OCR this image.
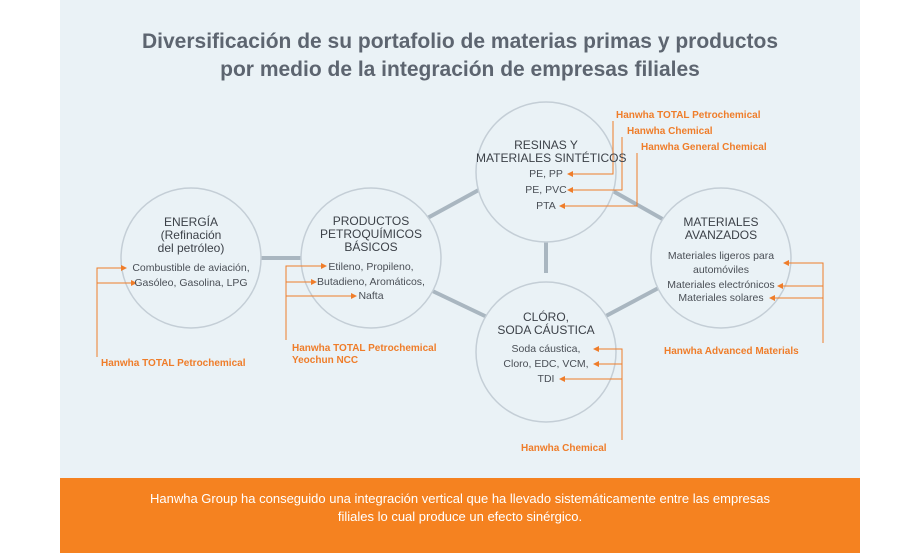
Diversificación de su portafolio de materias primas y productos
por medio de la integración de empresas filiales
ENERGÍA
(Refinación
del petróleo)
Combustible de aviación,
Gasóleo, Gasolina, LPG
PRODUCTOS
PETROQUÍMICOS
BÁSICOS
Etileno, Propileno,
Butadieno, Aromáticos,
Nafta
RESINAS Y
MATERIALES SINTÉTICOS
PE, PP
PE, PVC
PTA
CLÓRO,
SODA CÁUSTICA
Soda cáustica,
Cloro, EDC, VCM,
TDI
MATERIALES
AVANZADOS
Materiales ligeros para
automóviles
Materiales electrónicos
Materiales solares
Hanwha TOTAL Petrochemical
Hanwha TOTAL Petrochemical
Yeochun NCC
Hanwha TOTAL Petrochemical
Hanwha Chemical
Hanwha General Chemical
Hanwha Chemical
Hanwha Advanced Materials
Hanwha Group ha conseguido una integración vertical que ha llevado sistemáticamente entre las empresas
filiales lo cual produce un efecto sinérgico.
